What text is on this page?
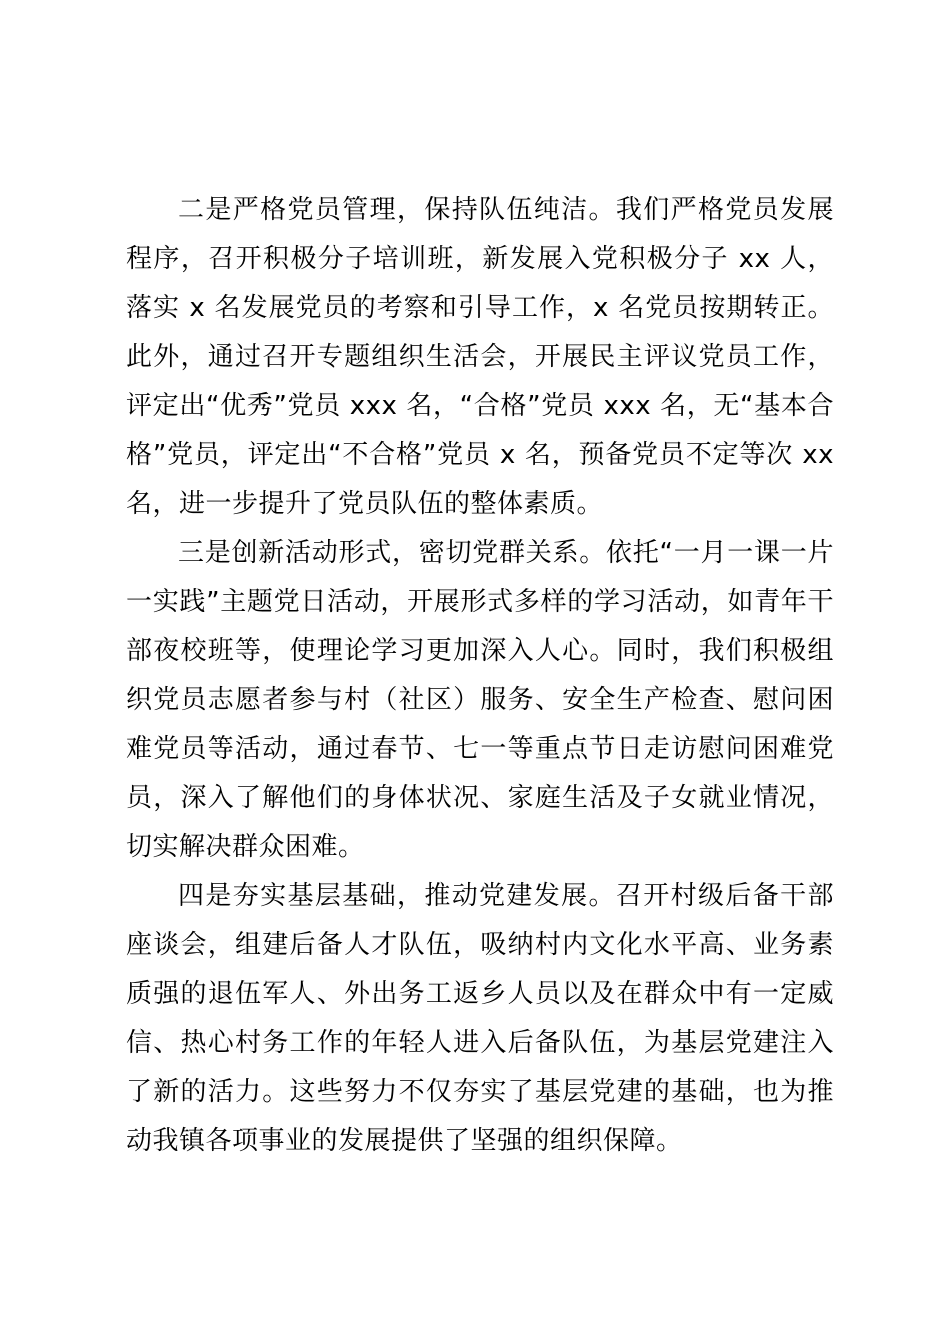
二是严格党员管理，保持队伍纯洁。我们严格党员发展程序，召开积极分子培训班，新发展入党积极分子 xx 人，落实 x 名发展党员的考察和引导工作，x 名党员按期转正。此外，通过召开专题组织生活会，开展民主评议党员工作，评定出“优秀”党员 xxx 名，“合格”党员 xxx 名，无“基本合格”党员，评定出“不合格”党员 x 名，预备党员不定等次 xx 名，进一步提升了党员队伍的整体素质。

三是创新活动形式，密切党群关系。依托“一月一课一片一实践”主题党日活动，开展形式多样的学习活动，如青年干部夜校班等，使理论学习更加深入人心。同时，我们积极组织党员志愿者参与村（社区）服务、安全生产检查、慰问困难党员等活动，通过春节、七一等重点节日走访慰问困难党员，深入了解他们的身体状况、家庭生活及子女就业情况，切实解决群众困难。

四是夯实基层基础，推动党建发展。召开村级后备干部座谈会，组建后备人才队伍，吸纳村内文化水平高、业务素质强的退伍军人、外出务工返乡人员以及在群众中有一定威信、热心村务工作的年轻人进入后备队伍，为基层党建注入了新的活力。这些努力不仅夯实了基层党建的基础，也为推动我镇各项事业的发展提供了坚强的组织保障。
